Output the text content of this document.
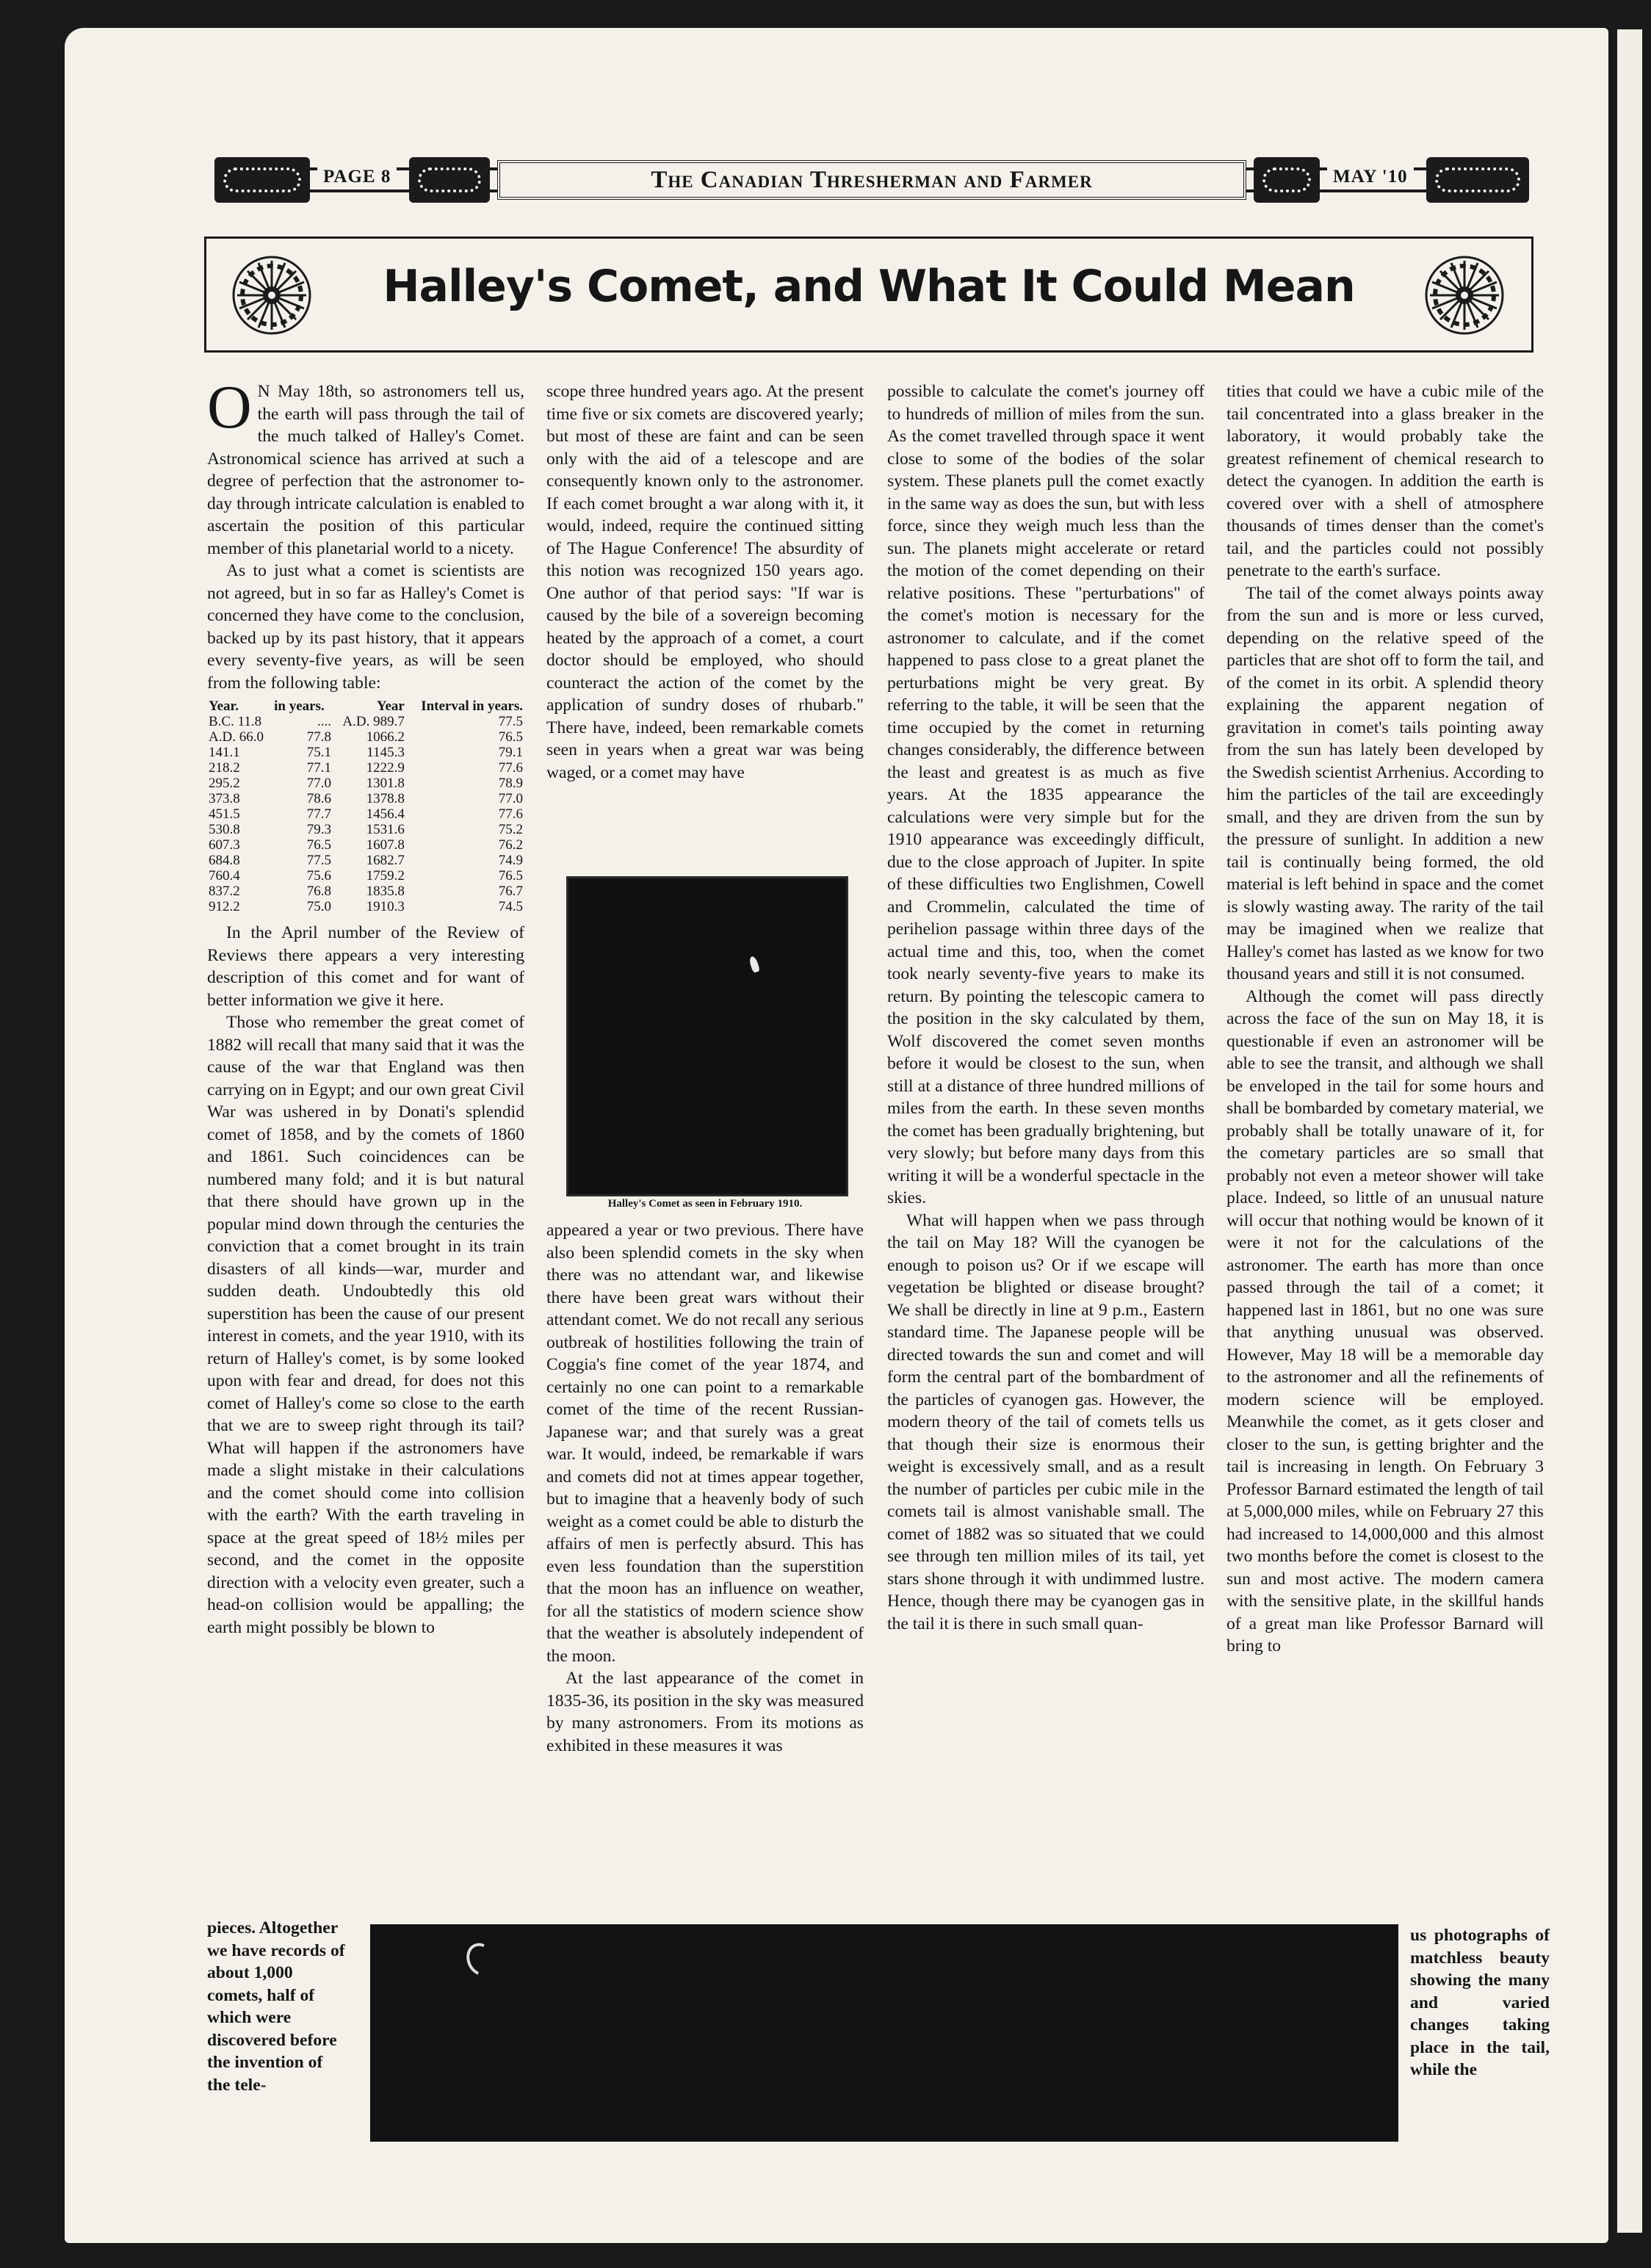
PAGE 8	The Canadian Thresherman and Farmer	MAY '10
Halley's Comet, and What It Could Mean

O N May 18th, so astronomers tell us, the earth will pass through the tail of the much talked of Halley's Comet. Astronomical science has arrived at such a degree of perfection that the astronomer to-day through intricate calculation is enabled to ascertain the position of this particular member of this planetarial world to a nicety.

As to just what a comet is scientists are not agreed, but in so far as Halley's Comet is concerned they have come to the conclusion, backed up by its past history, that it appears every seventy-five years, as will be seen from the following table:

Year.	in years.	Year	Interval in years.
B.C. 11.8	....	A.D. 989.7	77.5
A.D. 66.0	77.8	1066.2	76.5
141.1	75.1	1145.3	79.1
218.2	77.1	1222.9	77.6
295.2	77.0	1301.8	78.9
373.8	78.6	1378.8	77.0
451.5	77.7	1456.4	77.6
530.8	79.3	1531.6	75.2
607.3	76.5	1607.8	76.2
684.8	77.5	1682.7	74.9
760.4	75.6	1759.2	76.5
837.2	76.8	1835.8	76.7
912.2	75.0	1910.3	74.5

In the April number of the Review of Reviews there appears a very interesting description of this comet and for want of better information we give it here.

Those who remember the great comet of 1882 will recall that many said that it was the cause of the war that England was then carrying on in Egypt; and our own great Civil War was ushered in by Donati's splendid comet of 1858, and by the comets of 1860 and 1861. Such coincidences can be numbered many fold; and it is but natural that there should have grown up in the popular mind down through the centuries the conviction that a comet brought in its train disasters of all kinds—war, murder and sudden death. Undoubtedly this old superstition has been the cause of our present interest in comets, and the year 1910, with its return of Halley's comet, is by some looked upon with fear and dread, for does not this comet of Halley's come so close to the earth that we are to sweep right through its tail? What will happen if the astronomers have made a slight mistake in their calculations and the comet should come into collision with the earth? With the earth traveling in space at the great speed of 18½ miles per second, and the comet in the opposite direction with a velocity even greater, such a head-on collision would be appalling; the earth might possibly be blown to

pieces. Altogether we have records of about 1,000 comets, half of which were discovered before the invention of the tele-

scope three hundred years ago. At the present time five or six comets are discovered yearly; but most of these are faint and can be seen only with the aid of a telescope and are consequently known only to the astronomer. If each comet brought a war along with it, it would, indeed, require the continued sitting of The Hague Conference! The absurdity of this notion was recognized 150 years ago. One author of that period says: "If war is caused by the bile of a sovereign becoming heated by the approach of a comet, a court doctor should be employed, who should counteract the action of the comet by the application of sundry doses of rhubarb." There have, indeed, been remarkable comets seen in years when a great war was being waged, or a comet may have

Halley's Comet as seen in February 1910.

appeared a year or two previous. There have also been splendid comets in the sky when there was no attendant war, and likewise there have been great wars without their attendant comet. We do not recall any serious outbreak of hostilities following the train of Coggia's fine comet of the year 1874, and certainly no one can point to a remarkable comet of the time of the recent Russian-Japanese war; and that surely was a great war. It would, indeed, be remarkable if wars and comets did not at times appear together, but to imagine that a heavenly body of such weight as a comet could be able to disturb the affairs of men is perfectly absurd. This has even less foundation than the superstition that the moon has an influence on weather, for all the statistics of modern science show that the weather is absolutely independent of the moon.

At the last appearance of the comet in 1835-36, its position in the sky was measured by many astronomers. From its motions as exhibited in these measures it was

possible to calculate the comet's journey off to hundreds of million of miles from the sun. As the comet travelled through space it went close to some of the bodies of the solar system. These planets pull the comet exactly in the same way as does the sun, but with less force, since they weigh much less than the sun. The planets might accelerate or retard the motion of the comet depending on their relative positions. These "perturbations" of the comet's motion is necessary for the astronomer to calculate, and if the comet happened to pass close to a great planet the perturbations might be very great. By referring to the table, it will be seen that the time occupied by the comet in returning changes considerably, the difference between the least and greatest is as much as five years. At the 1835 appearance the calculations were very simple but for the 1910 appearance was exceedingly difficult, due to the close approach of Jupiter. In spite of these difficulties two Englishmen, Cowell and Crommelin, calculated the time of perihelion passage within three days of the actual time and this, too, when the comet took nearly seventy-five years to make its return. By pointing the telescopic camera to the position in the sky calculated by them, Wolf discovered the comet seven months before it would be closest to the sun, when still at a distance of three hundred millions of miles from the earth. In these seven months the comet has been gradually brightening, but very slowly; but before many days from this writing it will be a wonderful spectacle in the skies.

What will happen when we pass through the tail on May 18? Will the cyanogen be enough to poison us? Or if we escape will vegetation be blighted or disease brought? We shall be directly in line at 9 p.m., Eastern standard time. The Japanese people will be directed towards the sun and comet and will form the central part of the bombardment of the particles of cyanogen gas. However, the modern theory of the tail of comets tells us that though their size is enormous their weight is excessively small, and as a result the number of particles per cubic mile in the comets tail is almost vanishable small. The comet of 1882 was so situated that we could see through ten million miles of its tail, yet stars shone through it with undimmed lustre. Hence, though there may be cyanogen gas in the tail it is there in such small quan-

tities that could we have a cubic mile of the tail concentrated into a glass breaker in the laboratory, it would probably take the greatest refinement of chemical research to detect the cyanogen. In addition the earth is covered over with a shell of atmosphere thousands of times denser than the comet's tail, and the particles could not possibly penetrate to the earth's surface.

The tail of the comet always points away from the sun and is more or less curved, depending on the relative speed of the particles that are shot off to form the tail, and of the comet in its orbit. A splendid theory explaining the apparent negation of gravitation in comet's tails pointing away from the sun has lately been developed by the Swedish scientist Arrhenius. According to him the particles of the tail are exceedingly small, and they are driven from the sun by the pressure of sunlight. In addition a new tail is continually being formed, the old material is left behind in space and the comet is slowly wasting away. The rarity of the tail may be imagined when we realize that Halley's comet has lasted as we know for two thousand years and still it is not consumed.

Although the comet will pass directly across the face of the sun on May 18, it is questionable if even an astronomer will be able to see the transit, and although we shall be enveloped in the tail for some hours and shall be bombarded by cometary material, we probably shall be totally unaware of it, for the cometary particles are so small that probably not even a meteor shower will take place. Indeed, so little of an unusual nature will occur that nothing would be known of it were it not for the calculations of the astronomer. The earth has more than once passed through the tail of a comet; it happened last in 1861, but no one was sure that anything unusual was observed. However, May 18 will be a memorable day to the astronomer and all the refinements of modern science will be employed. Meanwhile the comet, as it gets closer and closer to the sun, is getting brighter and the tail is increasing in length. On February 3 Professor Barnard estimated the length of tail at 5,000,000 miles, while on February 27 this had increased to 14,000,000 and this almost two months before the comet is closest to the sun and most active. The modern camera with the sensitive plate, in the skillful hands of a great man like Professor Barnard will bring to

us photographs of matchless beauty showing the many and varied changes taking place in the tail, while the
